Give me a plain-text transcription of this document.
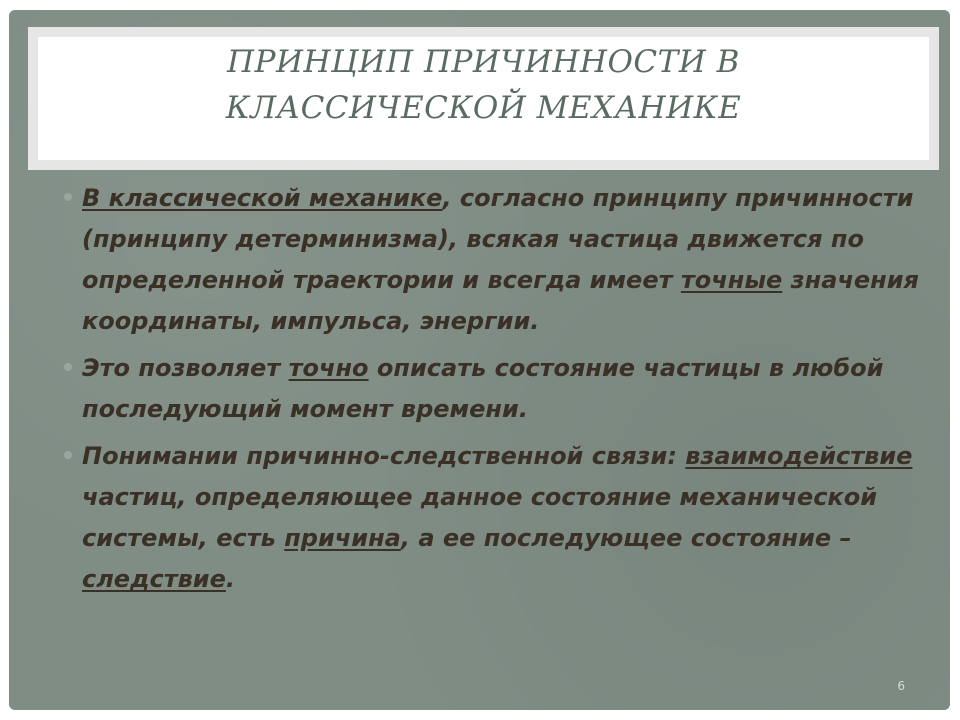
ПРИНЦИП ПРИЧИННОСТИ В
КЛАССИЧЕСКОЙ МЕХАНИКЕ
В классической механике, согласно принципу причинности (принципу детерминизма), всякая частица движется по определенной траектории и всегда имеет точные значения координаты, импульса, энергии.
Это позволяет точно описать состояние частицы в любой последующий момент времени.
Понимании причинно-следственной связи: взаимодействие частиц, определяющее данное состояние механической системы, есть причина, а ее последующее состояние – следствие.
6
